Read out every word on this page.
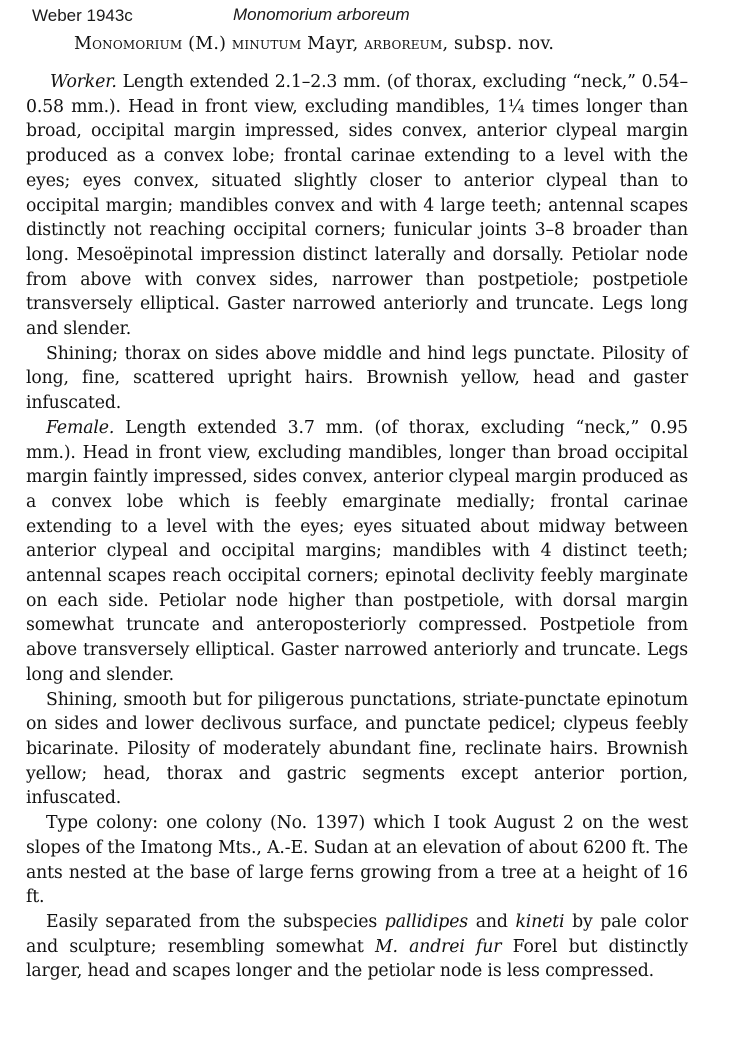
Weber 1943c	Monomorium arboreum
Monomorium (M.) minutum Mayr, arboreum, subsp. nov.

Worker. Length extended 2.1–2.3 mm. (of thorax, excluding “neck,” 0.54–0.58 mm.). Head in front view, excluding mandibles, 1¼ times longer than broad, occipital margin impressed, sides convex, anterior clypeal margin produced as a convex lobe; frontal carinae extending to a level with the eyes; eyes convex, situated slightly closer to anterior clypeal than to occipital margin; mandibles convex and with 4 large teeth; antennal scapes distinctly not reaching occipital corners; funicular joints 3–8 broader than long. Mesoëpinotal impression distinct laterally and dorsally. Petiolar node from above with convex sides, narrower than postpetiole; postpetiole transversely elliptical. Gaster narrowed anteriorly and truncate. Legs long and slender.

Shining; thorax on sides above middle and hind legs punctate. Pilosity of long, fine, scattered upright hairs. Brownish yellow, head and gaster infuscated.

Female. Length extended 3.7 mm. (of thorax, excluding “neck,” 0.95 mm.). Head in front view, excluding mandibles, longer than broad occipital margin faintly impressed, sides convex, anterior clypeal margin produced as a convex lobe which is feebly emarginate medially; frontal carinae extending to a level with the eyes; eyes situated about midway between anterior clypeal and occipital margins; mandibles with 4 distinct teeth; antennal scapes reach occipital corners; epinotal declivity feebly marginate on each side. Petiolar node higher than postpetiole, with dorsal margin somewhat truncate and anteroposteriorly compressed. Postpetiole from above transversely elliptical. Gaster narrowed anteriorly and truncate. Legs long and slender.

Shining, smooth but for piligerous punctations, striate-punctate epinotum on sides and lower declivous surface, and punctate pedicel; clypeus feebly bicarinate. Pilosity of moderately abundant fine, reclinate hairs. Brownish yellow; head, thorax and gastric segments except anterior portion, infuscated.

Type colony: one colony (No. 1397) which I took August 2 on the west slopes of the Imatong Mts., A.-E. Sudan at an elevation of about 6200 ft. The ants nested at the base of large ferns growing from a tree at a height of 16 ft.

Easily separated from the subspecies pallidipes and kineti by pale color and sculpture; resembling somewhat M. andrei fur Forel but distinctly larger, head and scapes longer and the petiolar node is less compressed.
